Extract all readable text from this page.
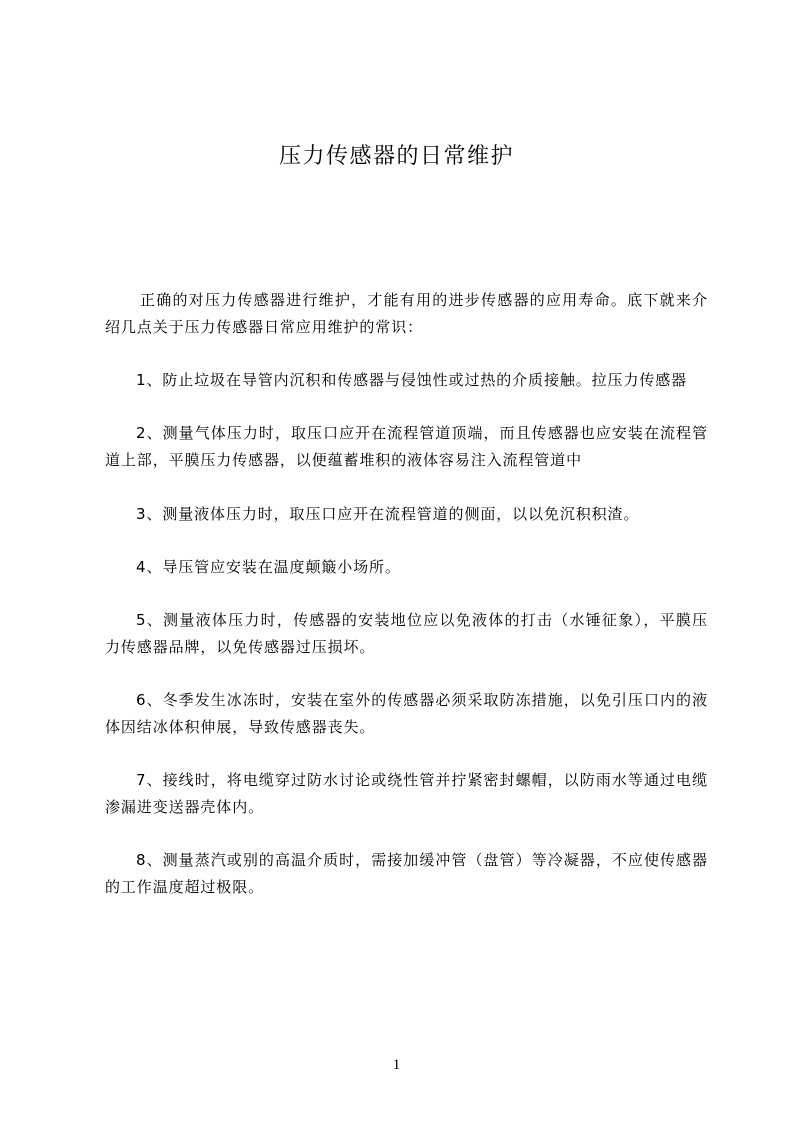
压力传感器的日常维护

正确的对压力传感器进行维护，才能有用的进步传感器的应用寿命。底下就来介
绍几点关于压力传感器日常应用维护的常识：

1、防止垃圾在导管内沉积和传感器与侵蚀性或过热的介质接触。拉压力传感器

2、测量气体压力时，取压口应开在流程管道顶端，而且传感器也应安装在流程管
道上部，平膜压力传感器，以便蕴蓄堆积的液体容易注入流程管道中

3、测量液体压力时，取压口应开在流程管道的侧面，以以免沉积积渣。

4、导压管应安装在温度颠簸小场所。

5、测量液体压力时，传感器的安装地位应以免液体的打击（水锤征象），平膜压
力传感器品牌，以免传感器过压损坏。

6、冬季发生冰冻时，安装在室外的传感器必须采取防冻措施，以免引压口内的液
体因结冰体积伸展，导致传感器丧失。

7、接线时，将电缆穿过防水讨论或绕性管并拧紧密封螺帽，以防雨水等通过电缆
渗漏进变送器壳体内。

8、测量蒸汽或别的高温介质时，需接加缓冲管（盘管）等冷凝器，不应使传感器
的工作温度超过极限。

1
